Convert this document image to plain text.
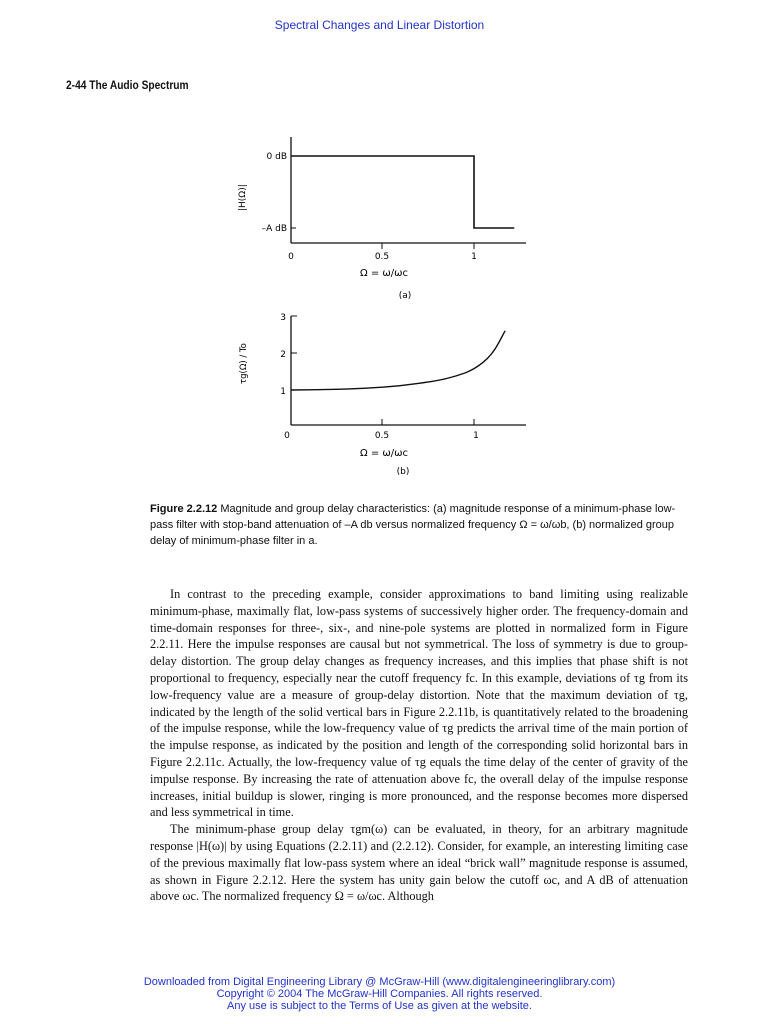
Spectral Changes and Linear Distortion
2-44 The Audio Spectrum
|H(Ω)|
0 dB
–A dB
0	0.5	1
Ω = ω/ωc
(a)
τg(Ω) / To
3
2
1
0	0.5	1
Ω = ω/ωc
(b)
Figure 2.2.12 Magnitude and group delay characteristics: (a) magnitude response of a minimum-phase low-pass filter with stop-band attenuation of –A db versus normalized frequency Ω = ω/ωb, (b) normalized group delay of minimum-phase filter in a.

In contrast to the preceding example, consider approximations to band limiting using realizable minimum-phase, maximally flat, low-pass systems of successively higher order. The frequency-domain and time-domain responses for three-, six-, and nine-pole systems are plotted in normalized form in Figure 2.2.11. Here the impulse responses are causal but not symmetrical. The loss of symmetry is due to group-delay distortion. The group delay changes as frequency increases, and this implies that phase shift is not proportional to frequency, especially near the cutoff frequency fc. In this example, deviations of τg from its low-frequency value are a measure of group-delay distortion. Note that the maximum deviation of τg, indicated by the length of the solid vertical bars in Figure 2.2.11b, is quantitatively related to the broadening of the impulse response, while the low-frequency value of τg predicts the arrival time of the main portion of the impulse response, as indicated by the position and length of the corresponding solid horizontal bars in Figure 2.2.11c. Actually, the low-frequency value of τg equals the time delay of the center of gravity of the impulse response. By increasing the rate of attenuation above fc, the overall delay of the impulse response increases, initial buildup is slower, ringing is more pronounced, and the response becomes more dispersed and less symmetrical in time.

The minimum-phase group delay τgm(ω) can be evaluated, in theory, for an arbitrary magnitude response |H(ω)| by using Equations (2.2.11) and (2.2.12). Consider, for example, an interesting limiting case of the previous maximally flat low-pass system where an ideal “brick wall” magnitude response is assumed, as shown in Figure 2.2.12. Here the system has unity gain below the cutoff ωc, and A dB of attenuation above ωc. The normalized frequency Ω = ω/ωc. Although

Downloaded from Digital Engineering Library @ McGraw-Hill (www.digitalengineeringlibrary.com)
Copyright © 2004 The McGraw-Hill Companies. All rights reserved.
Any use is subject to the Terms of Use as given at the website.
